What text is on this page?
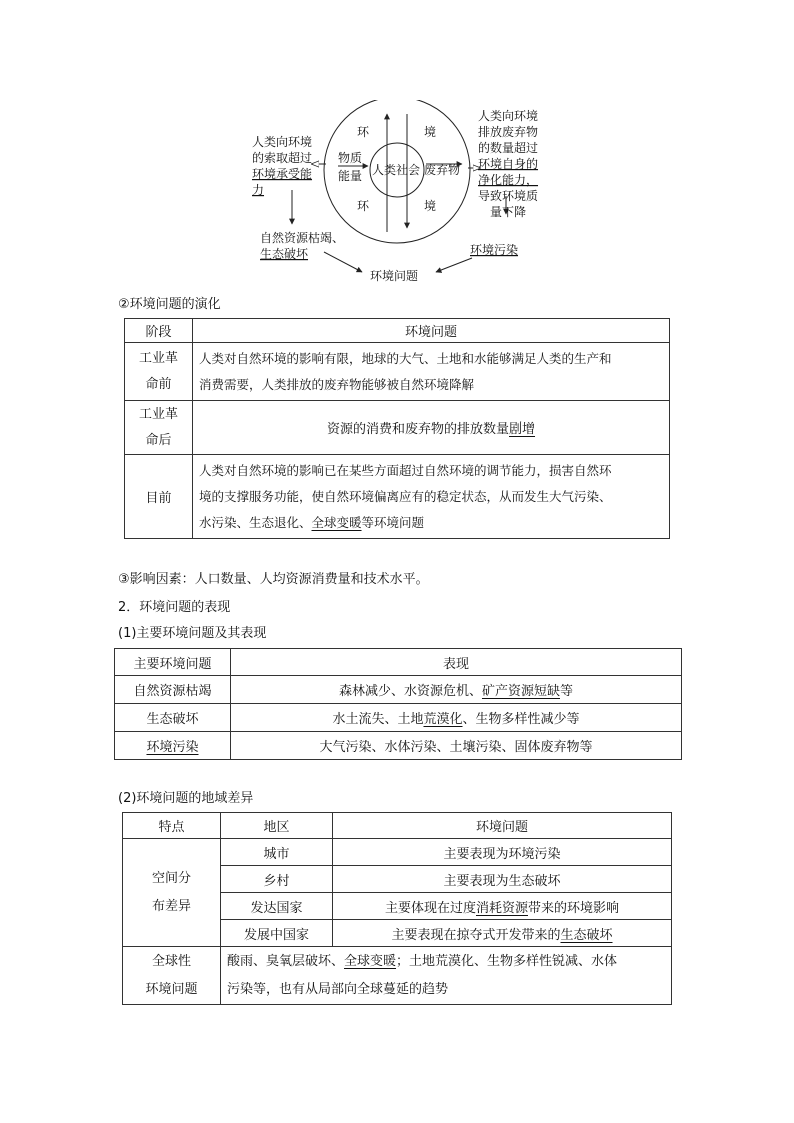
环	境
环	境
人类社会
物质
能量	废弃物
人类向环境
的索取超过
环境承受能
力
人类向环境
排放废弃物
的数量超过
环境自身的
净化能力，
导致环境质
量下降
自然资源枯竭、
生态破坏	环境污染
环境问题
②环境问题的演化
阶段	环境问题
工业革
命前	人类对自然环境的影响有限，地球的大气、土地和水能够满足人类的生产和
消费需要，人类排放的废弃物能够被自然环境降解
工业革
命后	资源的消费和废弃物的排放数量剧增
目前	人类对自然环境的影响已在某些方面超过自然环境的调节能力，损害自然环
境的支撑服务功能，使自然环境偏离应有的稳定状态，从而发生大气污染、
水污染、生态退化、全球变暖等环境问题
③影响因素：人口数量、人均资源消费量和技术水平。
2．环境问题的表现
(1)主要环境问题及其表现
主要环境问题	表现
自然资源枯竭	森林减少、水资源危机、矿产资源短缺等
生态破坏	水土流失、土地荒漠化、生物多样性减少等
环境污染	大气污染、水体污染、土壤污染、固体废弃物等
(2)环境问题的地域差异
特点	地区	环境问题
空间分
布差异	城市	主要表现为环境污染
	乡村	主要表现为生态破坏
	发达国家	主要体现在过度消耗资源带来的环境影响
	发展中国家	主要表现在掠夺式开发带来的生态破坏
全球性
环境问题	酸雨、臭氧层破坏、全球变暖；土地荒漠化、生物多样性锐减、水体
污染等，也有从局部向全球蔓延的趋势	
